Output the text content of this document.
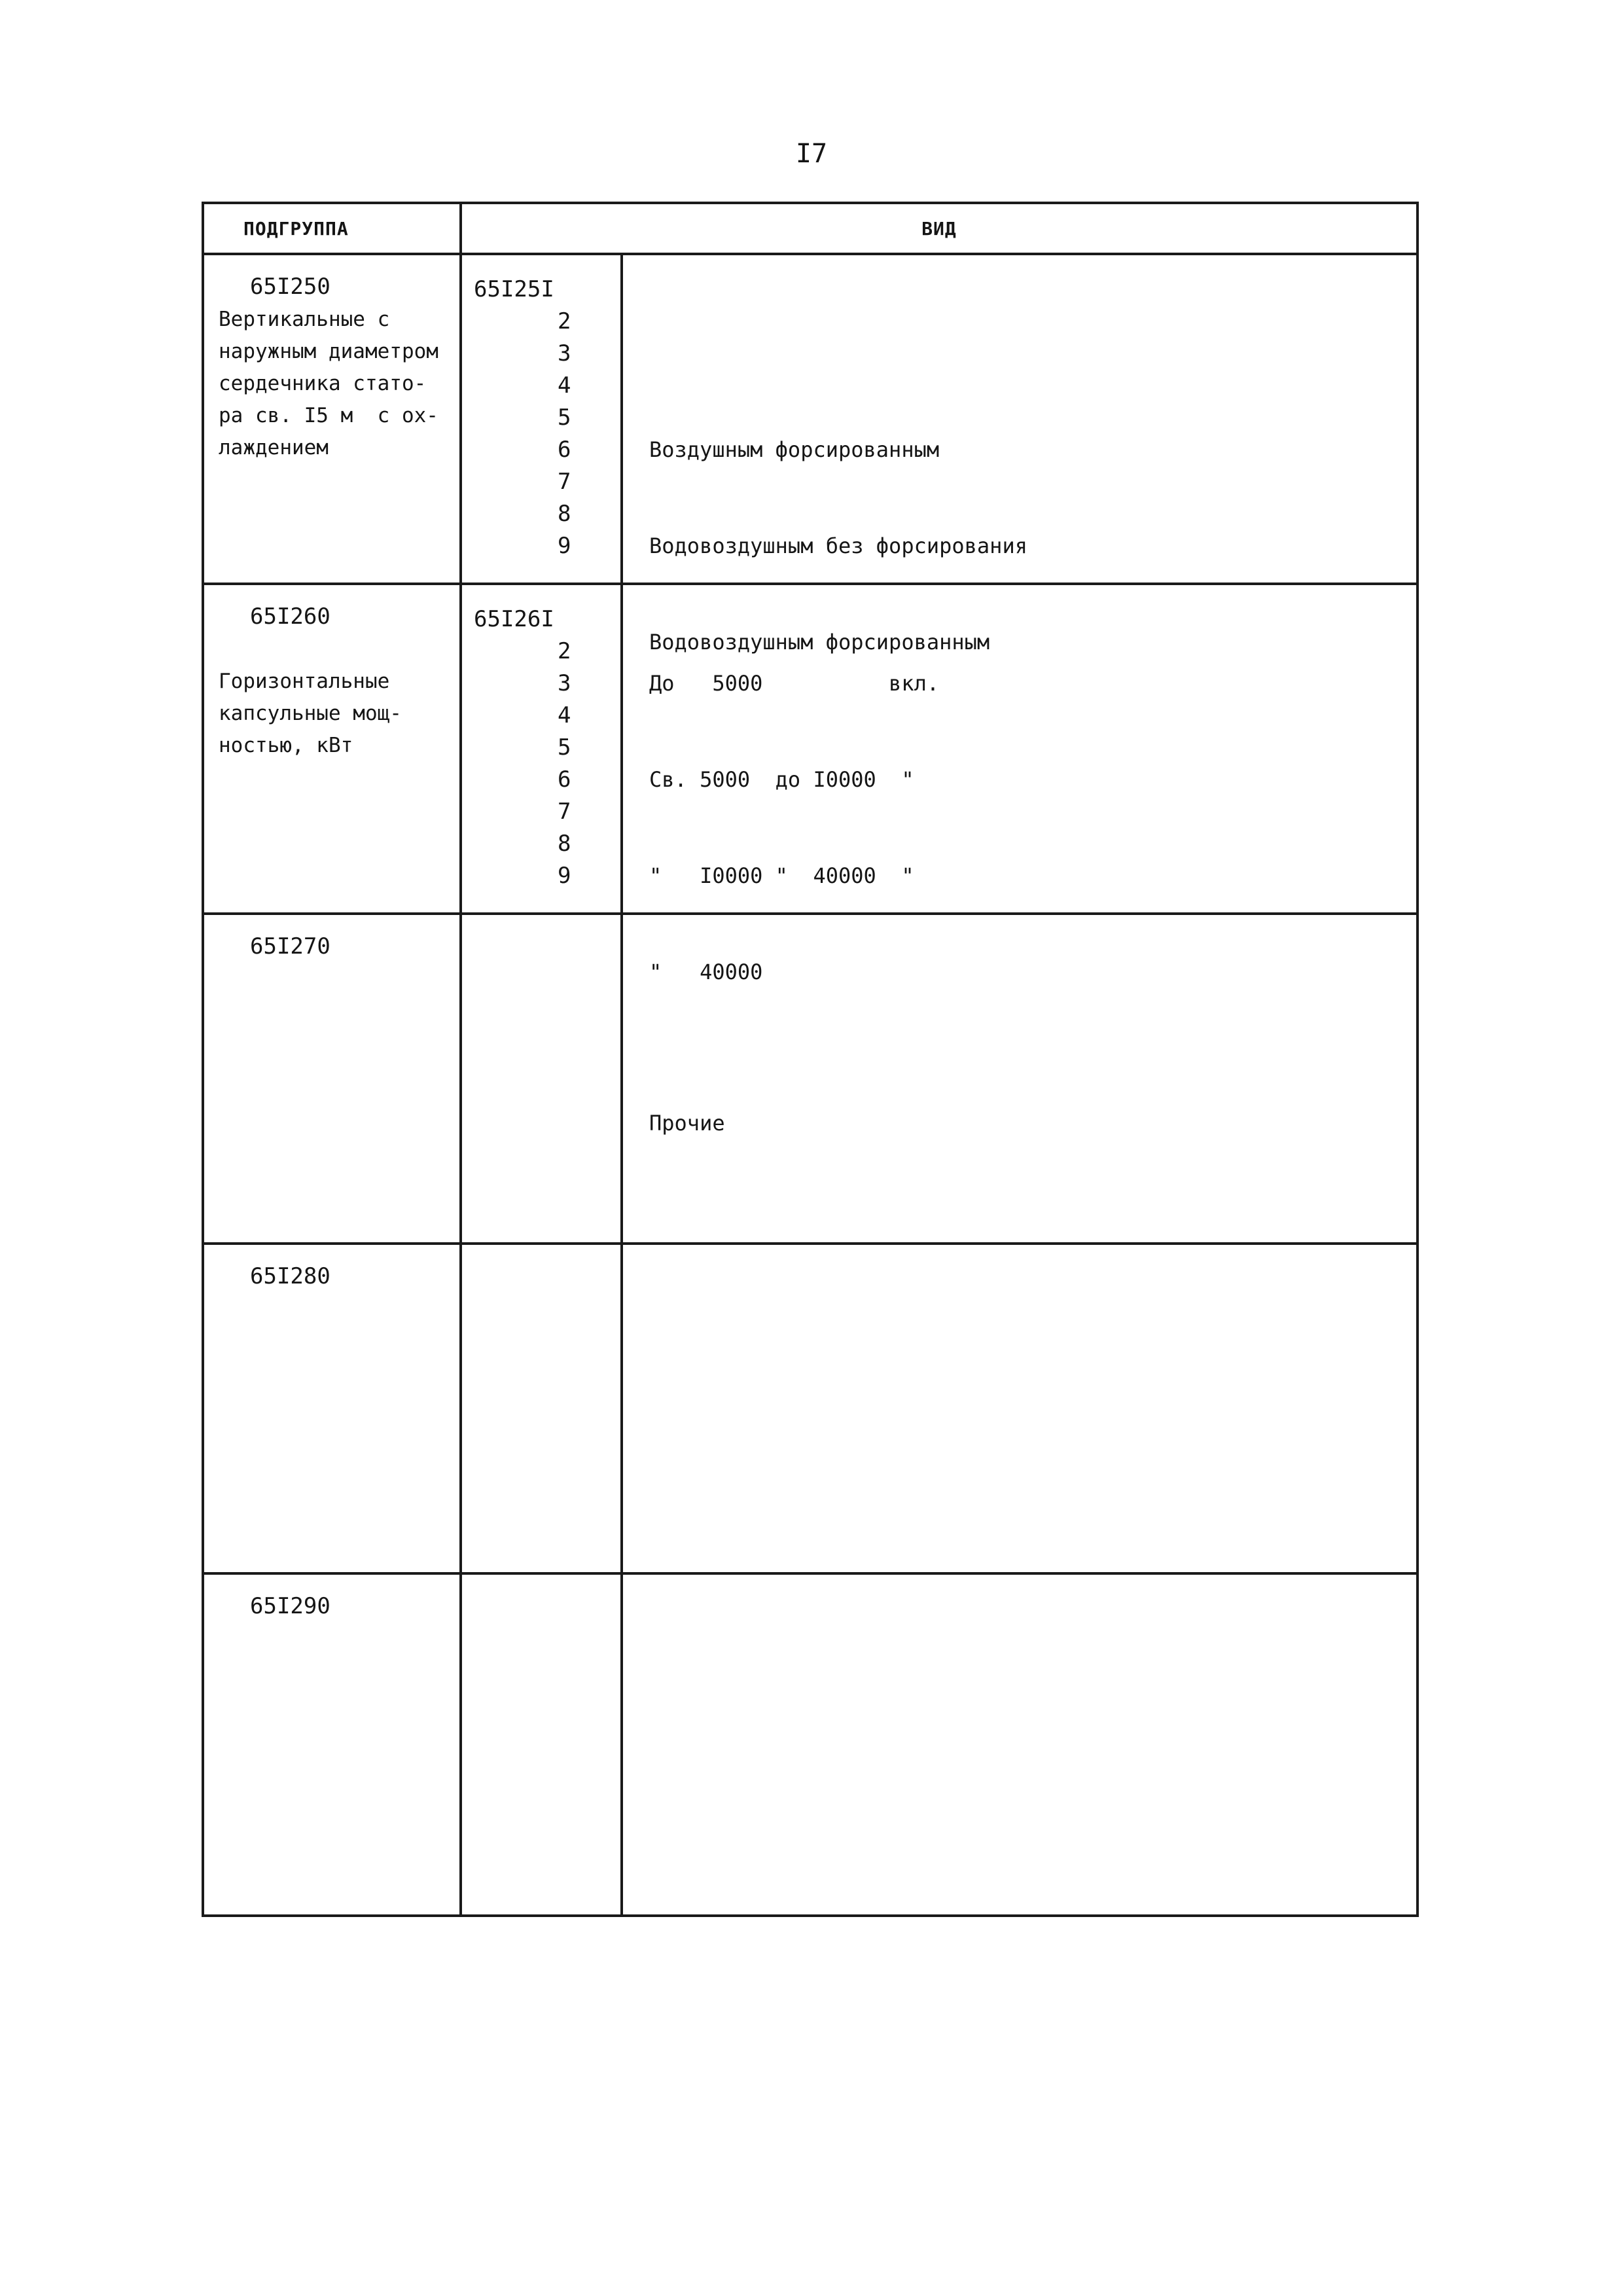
I7
ПОДГРУППА	ВИД
65I250
Вертикальные с
наружным диаметром
сердечника стато-
ра св. I5 м  с ох-
лаждением
65I25I
2
3
4
5
6
7
8
9

Воздушным форсированным

Водовоздушным без форсирования

Водовоздушным форсированным

Прочие

65I260

Горизонтальные
капсульные мощ-
ностью, кВт
65I26I
2
3
4
5
6
7
8
9

До   5000          вкл.

Св. 5000  до I0000  "

"   I0000 "  40000  "

"   40000

65I270
65I280
65I290
